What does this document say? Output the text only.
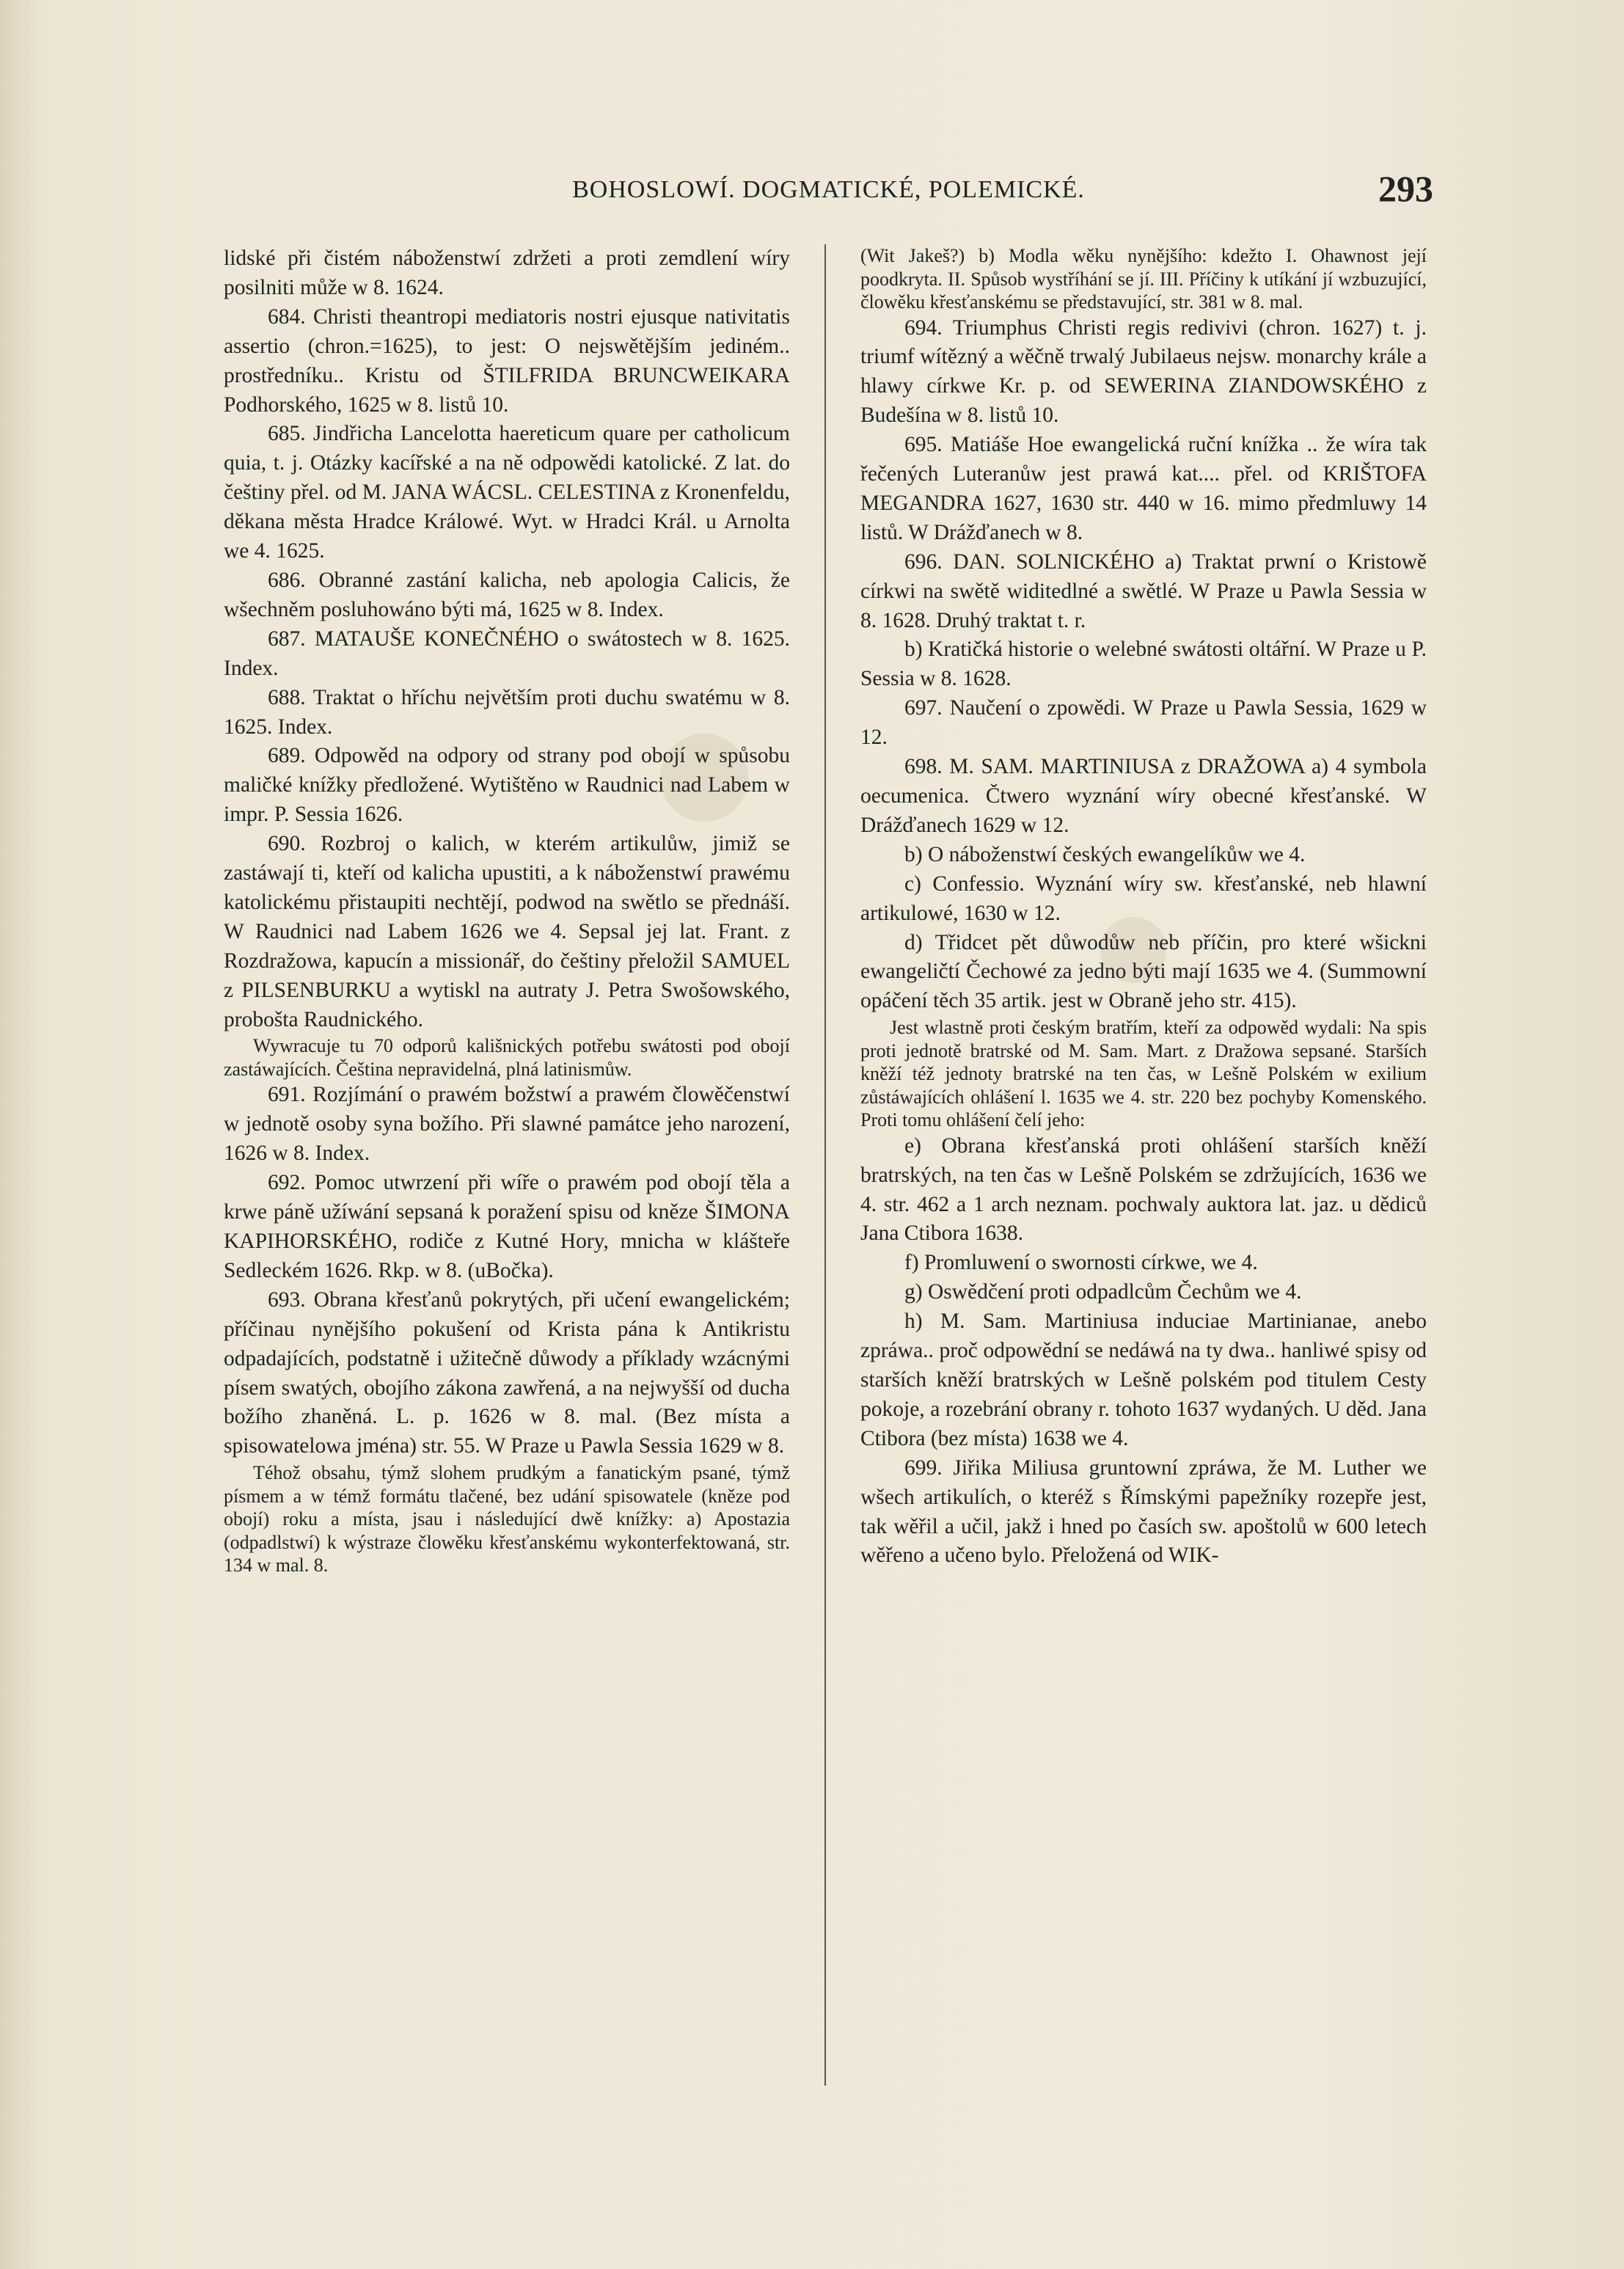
BOHOSLOWÍ. DOGMATICKÉ, POLEMICKÉ.	293

lidské při čistém náboženstwí zdržeti a proti zemdlení wíry posilniti může w 8. 1624.

684. Christi theantropi mediatoris nostri ejusque nativitatis assertio (chron.=1625), to jest: O nejswětějším jediném.. prostředníku.. Kristu od ŠTILFRIDA BRUNCWEIKARA Podhorského, 1625 w 8. listů 10.

685. Jindřicha Lancelotta haereticum quare per catholicum quia, t. j. Otázky kacířské a na ně odpowědi katolické. Z lat. do češtiny přel. od M. JANA WÁCSL. CELESTINA z Kronenfeldu, děkana města Hradce Králowé. Wyt. w Hradci Král. u Arnolta we 4. 1625.

686. Obranné zastání kalicha, neb apologia Calicis, že wšechněm posluhowáno býti má, 1625 w 8. Index.

687. MATAUŠE KONEČNÉHO o swátostech w 8. 1625. Index.

688. Traktat o hříchu největším proti duchu swatému w 8. 1625. Index.

689. Odpowěd na odpory od strany pod obojí w spůsobu maličké knížky předložené. Wytištěno w Raudnici nad Labem w impr. P. Sessia 1626.

690. Rozbroj o kalich, w kterém artikulůw, jimiž se zastáwají ti, kteří od kalicha upustiti, a k náboženstwí prawému katolickému přistaupiti nechtějí, podwod na swětlo se přednáší. W Raudnici nad Labem 1626 we 4. Sepsal jej lat. Frant. z Rozdražowa, kapucín a missionář, do češtiny přeložil SAMUEL z PILSENBURKU a wytiskl na autraty J. Petra Swošowského, probošta Raudnického.

Wywracuje tu 70 odporů kališnických potřebu swátosti pod obojí zastáwajících. Čeština nepravidelná, plná latinismůw.

691. Rozjímání o prawém božstwí a prawém člowěčenstwí w jednotě osoby syna božího. Při slawné památce jeho narození, 1626 w 8. Index.

692. Pomoc utwrzení při wíře o prawém pod obojí těla a krwe páně užíwání sepsaná k poražení spisu od kněze ŠIMONA KAPIHORSKÉHO, rodiče z Kutné Hory, mnicha w klášteře Sedleckém 1626. Rkp. w 8. (uBočka).

693. Obrana křesťanů pokrytých, při učení ewangelickém; příčinau nynějšího pokušení od Krista pána k Antikristu odpadajících, podstatně i užitečně důwody a příklady wzácnými písem swatých, obojího zákona zawřená, a na nejwyšší od ducha božího zhaněná. L. p. 1626 w 8. mal. (Bez místa a spisowatelowa jména) str. 55. W Praze u Pawla Sessia 1629 w 8.

Téhož obsahu, týmž slohem prudkým a fanatickým psané, týmž písmem a w témž formátu tlačené, bez udání spisowatele (kněze pod obojí) roku a místa, jsau i následující dwě knížky: a) Apostazia (odpadlstwí) k wýstraze člowěku křesťanskému wykonterfektowaná, str. 134 w mal. 8.

(Wit Jakeš?) b) Modla wěku nynějšího: kdežto I. Ohawnost její poodkryta. II. Spůsob wystříhání se jí. III. Příčiny k utíkání jí wzbuzující, člowěku křesťanskému se představující, str. 381 w 8. mal.

694. Triumphus Christi regis redivivi (chron. 1627) t. j. triumf wítězný a wěčně trwalý Jubilaeus nejsw. monarchy krále a hlawy církwe Kr. p. od SEWERINA ZIANDOWSKÉHO z Budešína w 8. listů 10.

695. Matiáše Hoe ewangelická ruční knížka .. že wíra tak řečených Luteranůw jest prawá kat.... přel. od KRIŠTOFA MEGANDRA 1627, 1630 str. 440 w 16. mimo předmluwy 14 listů. W Drážďanech w 8.

696. DAN. SOLNICKÉHO a) Traktat prwní o Kristowě církwi na swětě widitedlné a swětlé. W Praze u Pawla Sessia w 8. 1628. Druhý traktat t. r.

b) Kratičká historie o welebné swátosti oltářní. W Praze u P. Sessia w 8. 1628.

697. Naučení o zpowědi. W Praze u Pawla Sessia, 1629 w 12.

698. M. SAM. MARTINIUSA z DRAŽOWA a) 4 symbola oecumenica. Čtwero wyznání wíry obecné křesťanské. W Drážďanech 1629 w 12.

b) O náboženstwí českých ewangelíkůw we 4.

c) Confessio. Wyznání wíry sw. křesťanské, neb hlawní artikulowé, 1630 w 12.

d) Třidcet pět důwodůw neb příčin, pro které wšickni ewangeličtí Čechowé za jedno býti mají 1635 we 4. (Summowní opáčení těch 35 artik. jest w Obraně jeho str. 415).

Jest wlastně proti českým bratřím, kteří za odpowěd wydali: Na spis proti jednotě bratrské od M. Sam. Mart. z Dražowa sepsané. Starších kněží též jednoty bratrské na ten čas, w Lešně Polském w exilium zůstáwajících ohlášení l. 1635 we 4. str. 220 bez pochyby Komenského. Proti tomu ohlášení čelí jeho:

e) Obrana křesťanská proti ohlášení starších kněží bratrských, na ten čas w Lešně Polském se zdržujících, 1636 we 4. str. 462 a 1 arch neznam. pochwaly auktora lat. jaz. u dědiců Jana Ctibora 1638.

f) Promluwení o swornosti církwe, we 4.

g) Oswědčení proti odpadlcům Čechům we 4.

h) M. Sam. Martiniusa induciae Martinianae, anebo zpráwa.. proč odpowědní se nedáwá na ty dwa.. hanliwé spisy od starších kněží bratrských w Lešně polském pod titulem Cesty pokoje, a rozebrání obrany r. tohoto 1637 wydaných. U děd. Jana Ctibora (bez místa) 1638 we 4.

699. Jiřika Miliusa gruntowní zpráwa, že M. Luther we wšech artikulích, o kteréž s Římskými papežníky rozepře jest, tak wěřil a učil, jakž i hned po časích sw. apoštolů w 600 letech wěřeno a učeno bylo. Přeložená od WIK-
